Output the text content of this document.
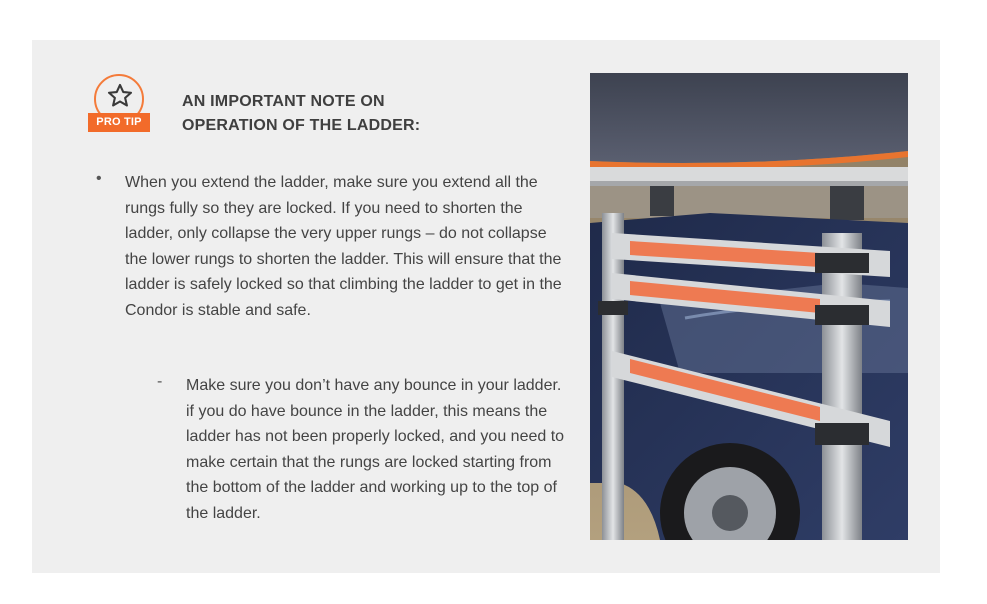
PRO TIP
AN IMPORTANT NOTE ON
OPERATION OF THE LADDER:
• When you extend the ladder, make sure you extend all the rungs fully so they are locked. If you need to shorten the ladder, only collapse the very upper rungs – do not collapse the lower rungs to shorten the ladder. This will ensure that the ladder is safely locked so that climbing the ladder to get in the Condor is stable and safe.
- Make sure you don’t have any bounce in your ladder. if you do have bounce in the ladder, this means the ladder has not been properly locked, and you need to make certain that the rungs are locked starting from the bottom of the ladder and working up to the top of the ladder.
